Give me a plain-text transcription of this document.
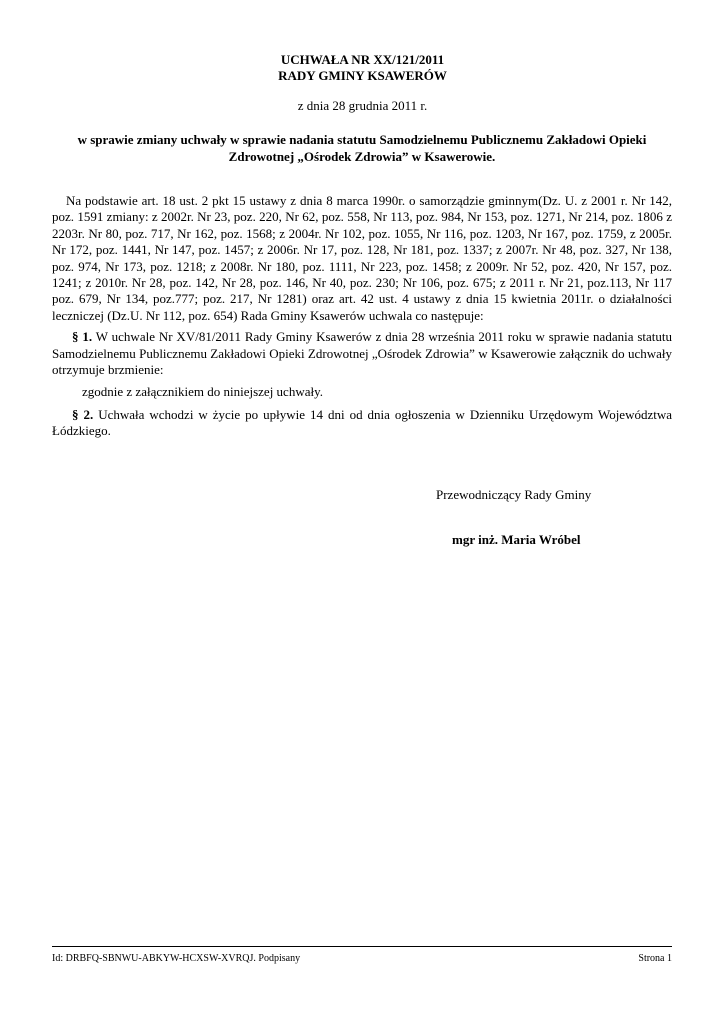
UCHWAŁA NR XX/121/2011
RADY GMINY KSAWERÓW
z dnia 28 grudnia 2011 r.
w sprawie zmiany uchwały w sprawie nadania statutu Samodzielnemu Publicznemu Zakładowi Opieki
Zdrowotnej „Ośrodek Zdrowia” w Ksawerowie.

Na podstawie art. 18 ust. 2 pkt 15 ustawy z dnia 8 marca 1990r. o samorządzie gminnym(Dz. U. z 2001 r. Nr 142, poz. 1591 zmiany: z 2002r. Nr 23, poz. 220, Nr 62, poz. 558, Nr 113, poz. 984, Nr 153, poz. 1271, Nr 214, poz. 1806 z 2203r. Nr 80, poz. 717, Nr 162, poz. 1568; z 2004r. Nr 102, poz. 1055, Nr 116, poz. 1203, Nr 167, poz. 1759, z 2005r. Nr 172, poz. 1441, Nr 147, poz. 1457; z 2006r. Nr 17, poz. 128, Nr 181, poz. 1337; z 2007r. Nr 48, poz. 327, Nr 138, poz. 974, Nr 173, poz. 1218; z 2008r. Nr 180, poz. 1111, Nr 223, poz. 1458; z 2009r. Nr 52, poz. 420, Nr 157, poz. 1241; z 2010r. Nr 28, poz. 142, Nr 28, poz. 146, Nr 40, poz. 230; Nr 106, poz. 675; z 2011 r. Nr 21, poz.113, Nr 117 poz. 679, Nr 134, poz.777; poz. 217, Nr 1281) oraz art. 42 ust. 4 ustawy z dnia 15 kwietnia 2011r. o działalności leczniczej (Dz.U. Nr 112, poz. 654) Rada Gminy Ksawerów uchwala co następuje:

§ 1. W uchwale Nr XV/81/2011 Rady Gminy Ksawerów z dnia 28 września 2011 roku w sprawie nadania statutu Samodzielnemu Publicznemu Zakładowi Opieki Zdrowotnej „Ośrodek Zdrowia” w Ksawerowie załącznik do uchwały otrzymuje brzmienie:

zgodnie z załącznikiem do niniejszej uchwały.

§ 2. Uchwała wchodzi w życie po upływie 14 dni od dnia ogłoszenia w Dzienniku Urzędowym Województwa Łódzkiego.

Przewodniczący Rady Gminy
mgr inż. Maria Wróbel
Id: DRBFQ-SBNWU-ABKYW-HCXSW-XVRQJ. Podpisany	Strona 1
